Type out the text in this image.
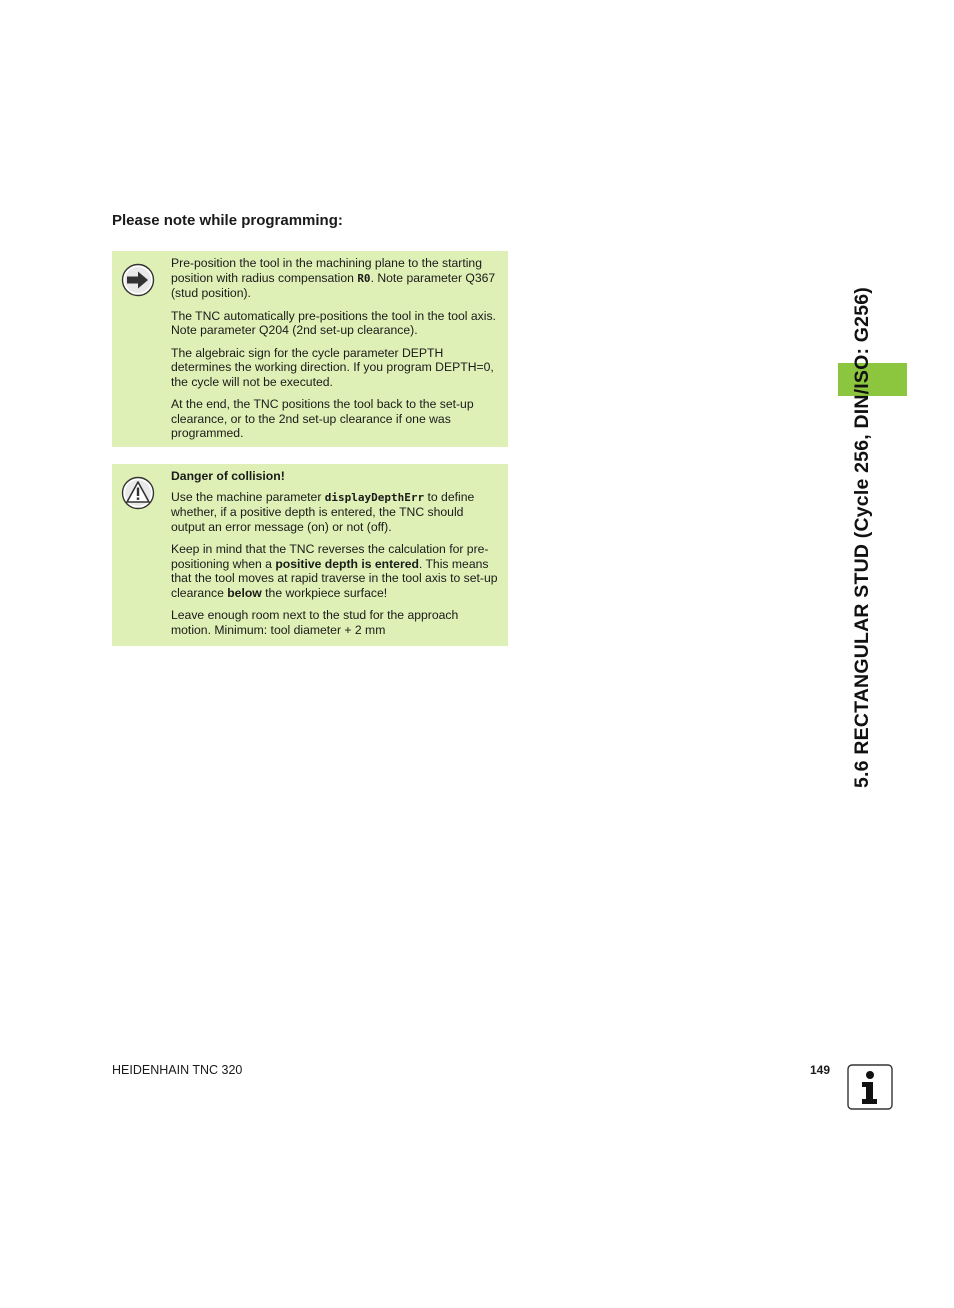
Please note while programming:

Pre-position the tool in the machining plane to the starting position with radius compensation R0. Note parameter Q367 (stud position).

The TNC automatically pre-positions the tool in the tool axis. Note parameter Q204 (2nd set-up clearance).

The algebraic sign for the cycle parameter DEPTH determines the working direction. If you program DEPTH=0, the cycle will not be executed.

At the end, the TNC positions the tool back to the set-up clearance, or to the 2nd set-up clearance if one was programmed.

Danger of collision!

Use the machine parameter displayDepthErr to define whether, if a positive depth is entered, the TNC should output an error message (on) or not (off).

Keep in mind that the TNC reverses the calculation for pre-positioning when a positive depth is entered. This means that the tool moves at rapid traverse in the tool axis to set-up clearance below the workpiece surface!

Leave enough room next to the stud for the approach motion. Minimum: tool diameter + 2 mm	5.6 RECTANGULAR STUD (Cycle 256, DIN/ISO: G256)
HEIDENHAIN TNC 320	149
